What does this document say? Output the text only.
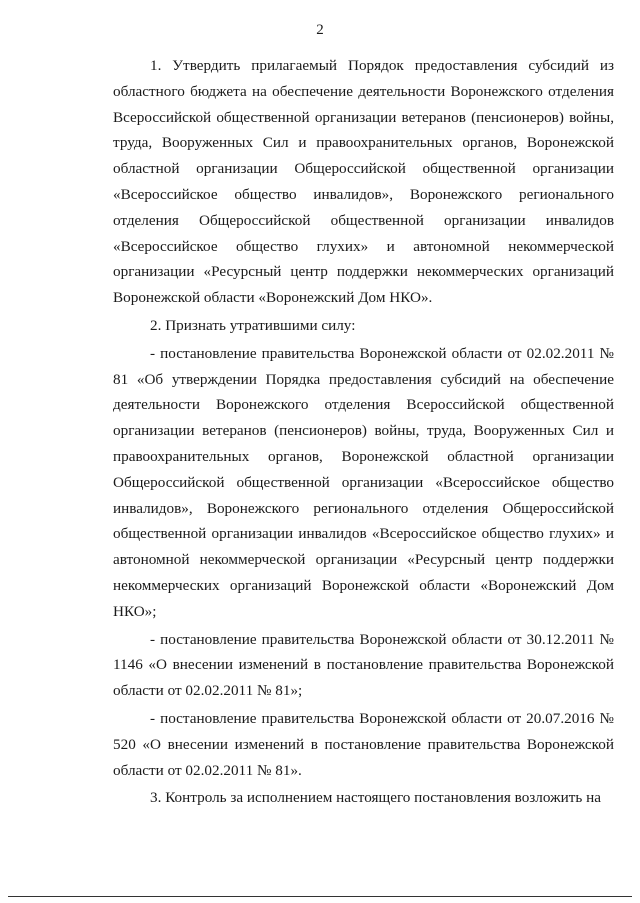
2

1. Утвердить прилагаемый Порядок предоставления субсидий из областного бюджета на обеспечение деятельности Воронежского отделения Всероссийской общественной организации ветеранов (пенсионеров) войны, труда, Вооруженных Сил и правоохранительных органов, Воронежской областной организации Общероссийской общественной организации «Всероссийское общество инвалидов», Воронежского регионального отделения Общероссийской общественной организации инвалидов «Всероссийское общество глухих» и автономной некоммерческой организации «Ресурсный центр поддержки некоммерческих организаций Воронежской области «Воронежский Дом НКО».

2. Признать утратившими силу:

- постановление правительства Воронежской области от 02.02.2011 № 81 «Об утверждении Порядка предоставления субсидий на обеспечение деятельности Воронежского отделения Всероссийской общественной организации ветеранов (пенсионеров) войны, труда, Вооруженных Сил и правоохранительных органов, Воронежской областной организации Общероссийской общественной организации «Всероссийское общество инвалидов», Воронежского регионального отделения Общероссийской общественной организации инвалидов «Всероссийское общество глухих» и автономной некоммерческой организации «Ресурсный центр поддержки некоммерческих организаций Воронежской области «Воронежский Дом НКО»;

- постановление правительства Воронежской области от 30.12.2011 № 1146 «О внесении изменений в постановление правительства Воронежской области от 02.02.2011 № 81»;

- постановление правительства Воронежской области от 20.07.2016 № 520 «О внесении изменений в постановление правительства Воронежской области от 02.02.2011 № 81».

3. Контроль за исполнением настоящего постановления возложить на
